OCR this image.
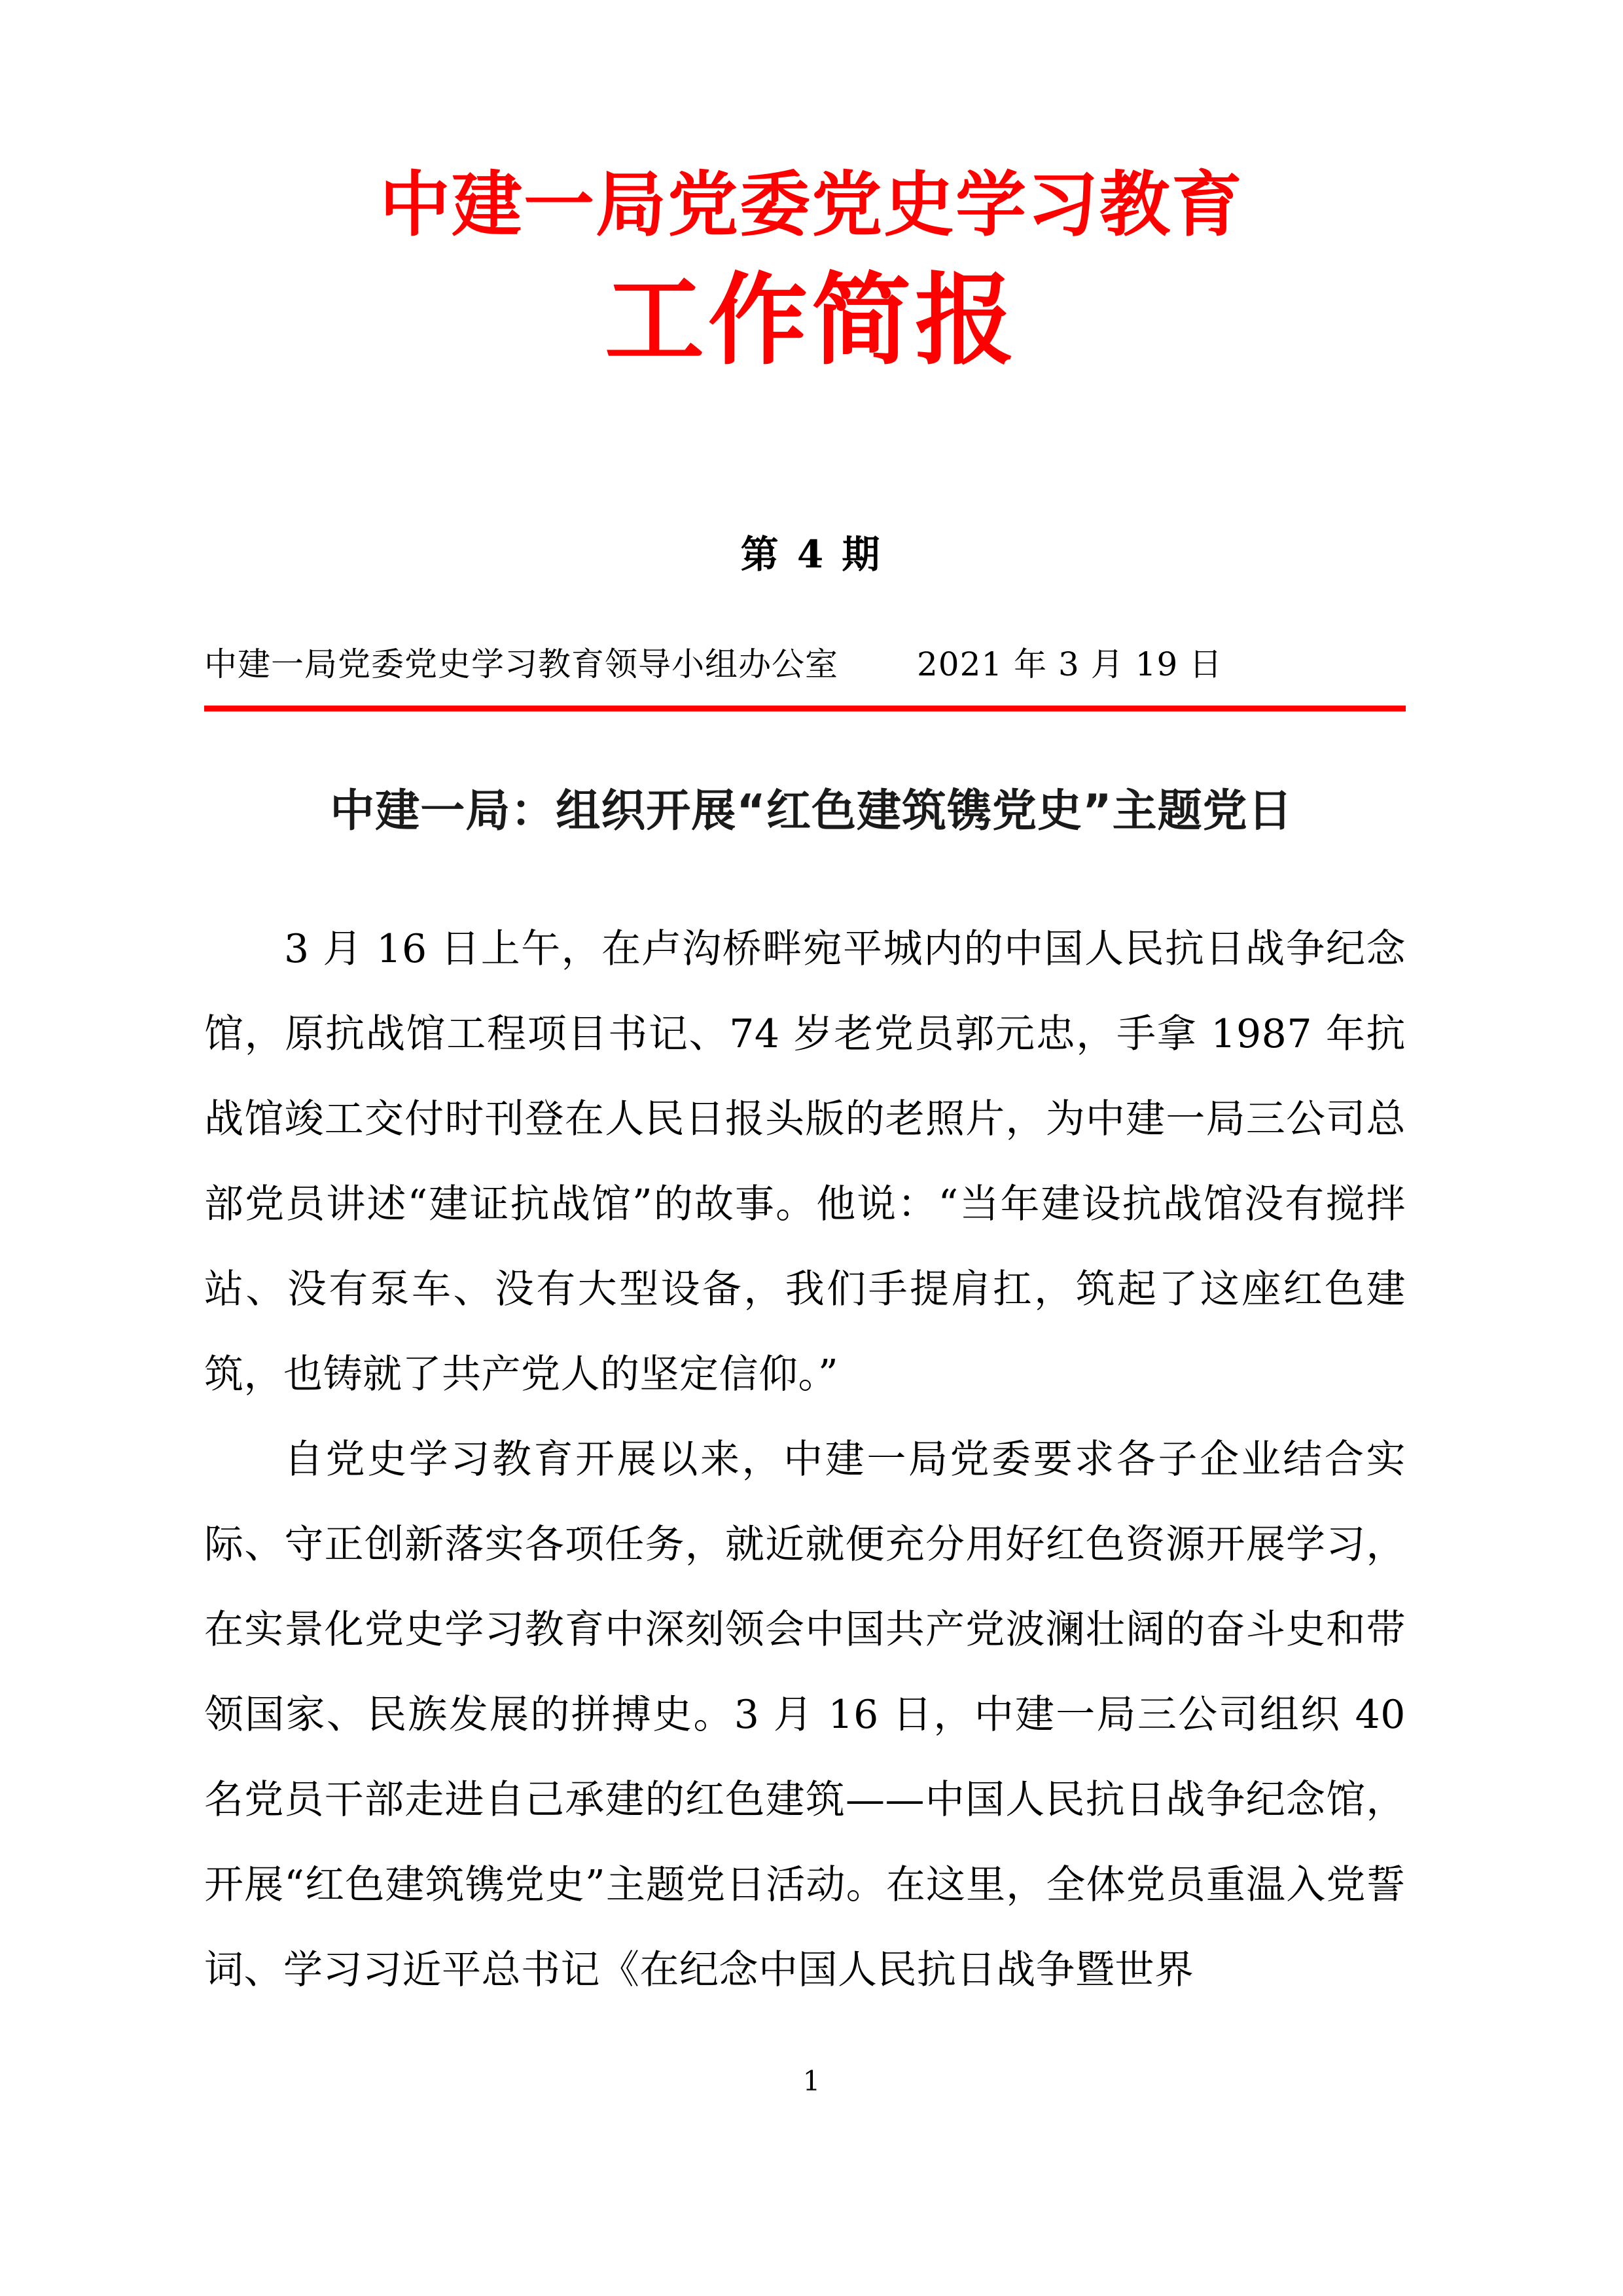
中建一局党委党史学习教育
工作简报
第 4 期
中建一局党委党史学习教育领导小组办公室 2021 年 3 月 19 日
中建一局：组织开展“红色建筑镌党史”主题党日

3 月 16 日上午，在卢沟桥畔宛平城内的中国人民抗日战争纪念馆，原抗战馆工程项目书记、74 岁老党员郭元忠，手拿 1987 年抗战馆竣工交付时刊登在人民日报头版的老照片，为中建一局三公司总部党员讲述“建证抗战馆”的故事。他说：“当年建设抗战馆没有搅拌站、没有泵车、没有大型设备，我们手提肩扛，筑起了这座红色建筑，也铸就了共产党人的坚定信仰。”

自党史学习教育开展以来，中建一局党委要求各子企业结合实际、守正创新落实各项任务，就近就便充分用好红色资源开展学习，在实景化党史学习教育中深刻领会中国共产党波澜壮阔的奋斗史和带领国家、民族发展的拼搏史。3 月 16 日，中建一局三公司组织 40 名党员干部走进自己承建的红色建筑——中国人民抗日战争纪念馆，开展“红色建筑镌党史”主题党日活动。在这里，全体党员重温入党誓词、学习习近平总书记《在纪念中国人民抗日战争暨世界

1
